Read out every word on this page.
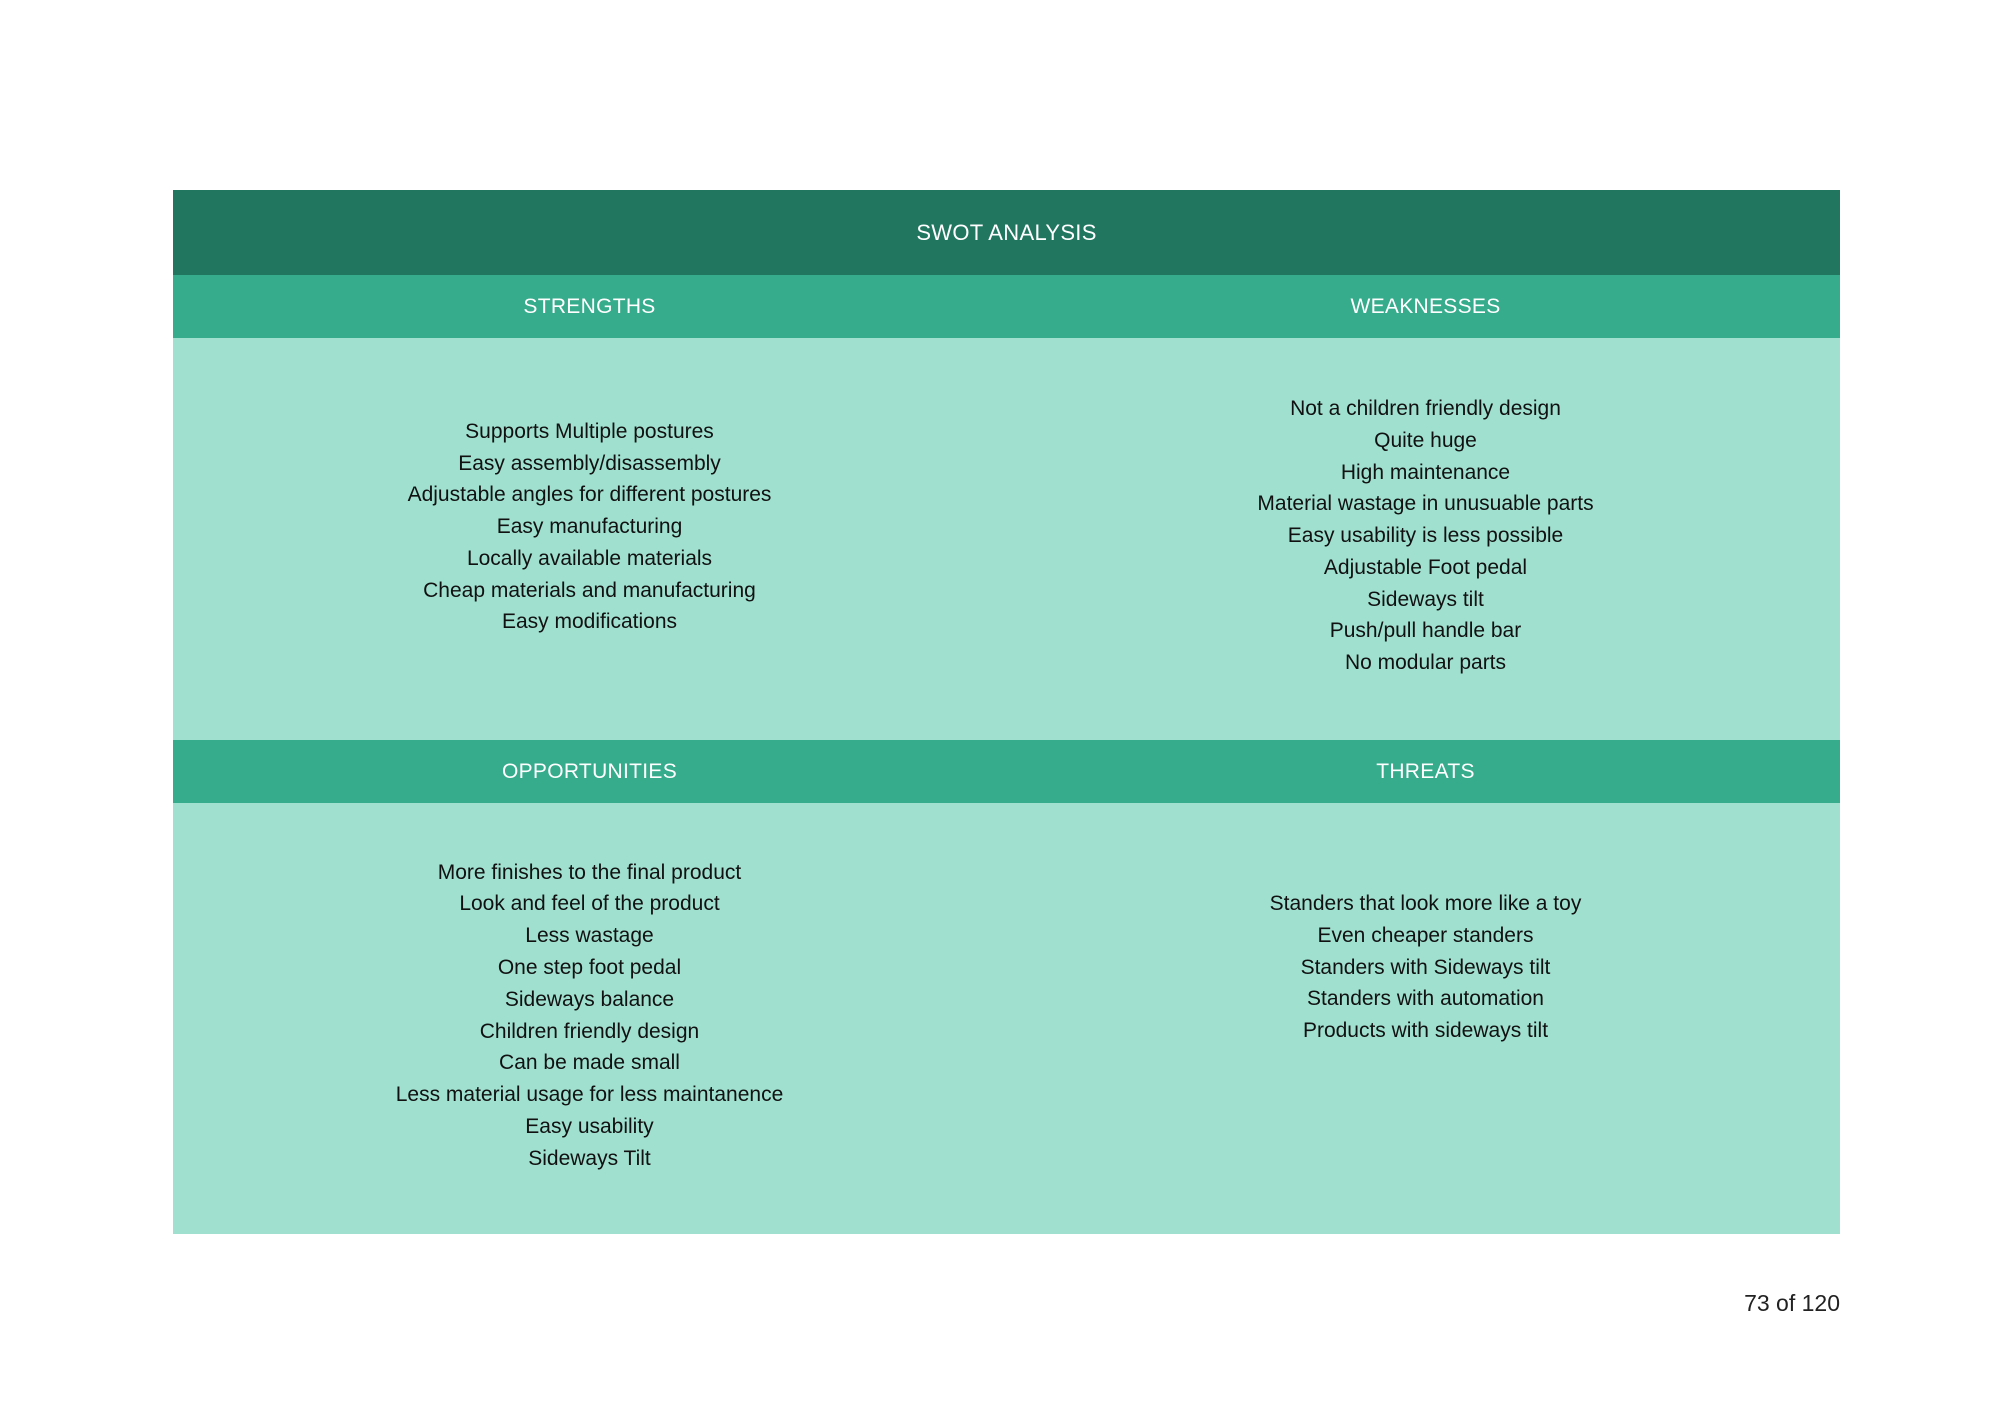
SWOT ANALYSIS
STRENGTHS	WEAKNESSES
Supports Multiple postures
Easy assembly/disassembly
Adjustable angles for different postures
Easy manufacturing
Locally available materials
Cheap materials and manufacturing
Easy modifications
Not a children friendly design
Quite huge
High maintenance
Material wastage in unusuable parts
Easy usability is less possible
Adjustable Foot pedal
Sideways tilt
Push/pull handle bar
No modular parts
OPPORTUNITIES	THREATS
More finishes to the final product
Look and feel of the product
Less wastage
One step foot pedal
Sideways balance
Children friendly design
Can be made small
Less material usage for less maintanence
Easy usability
Sideways Tilt
Standers that look more like a toy
Even cheaper standers
Standers with Sideways tilt
Standers with automation
Products with sideways tilt
73 of 120
